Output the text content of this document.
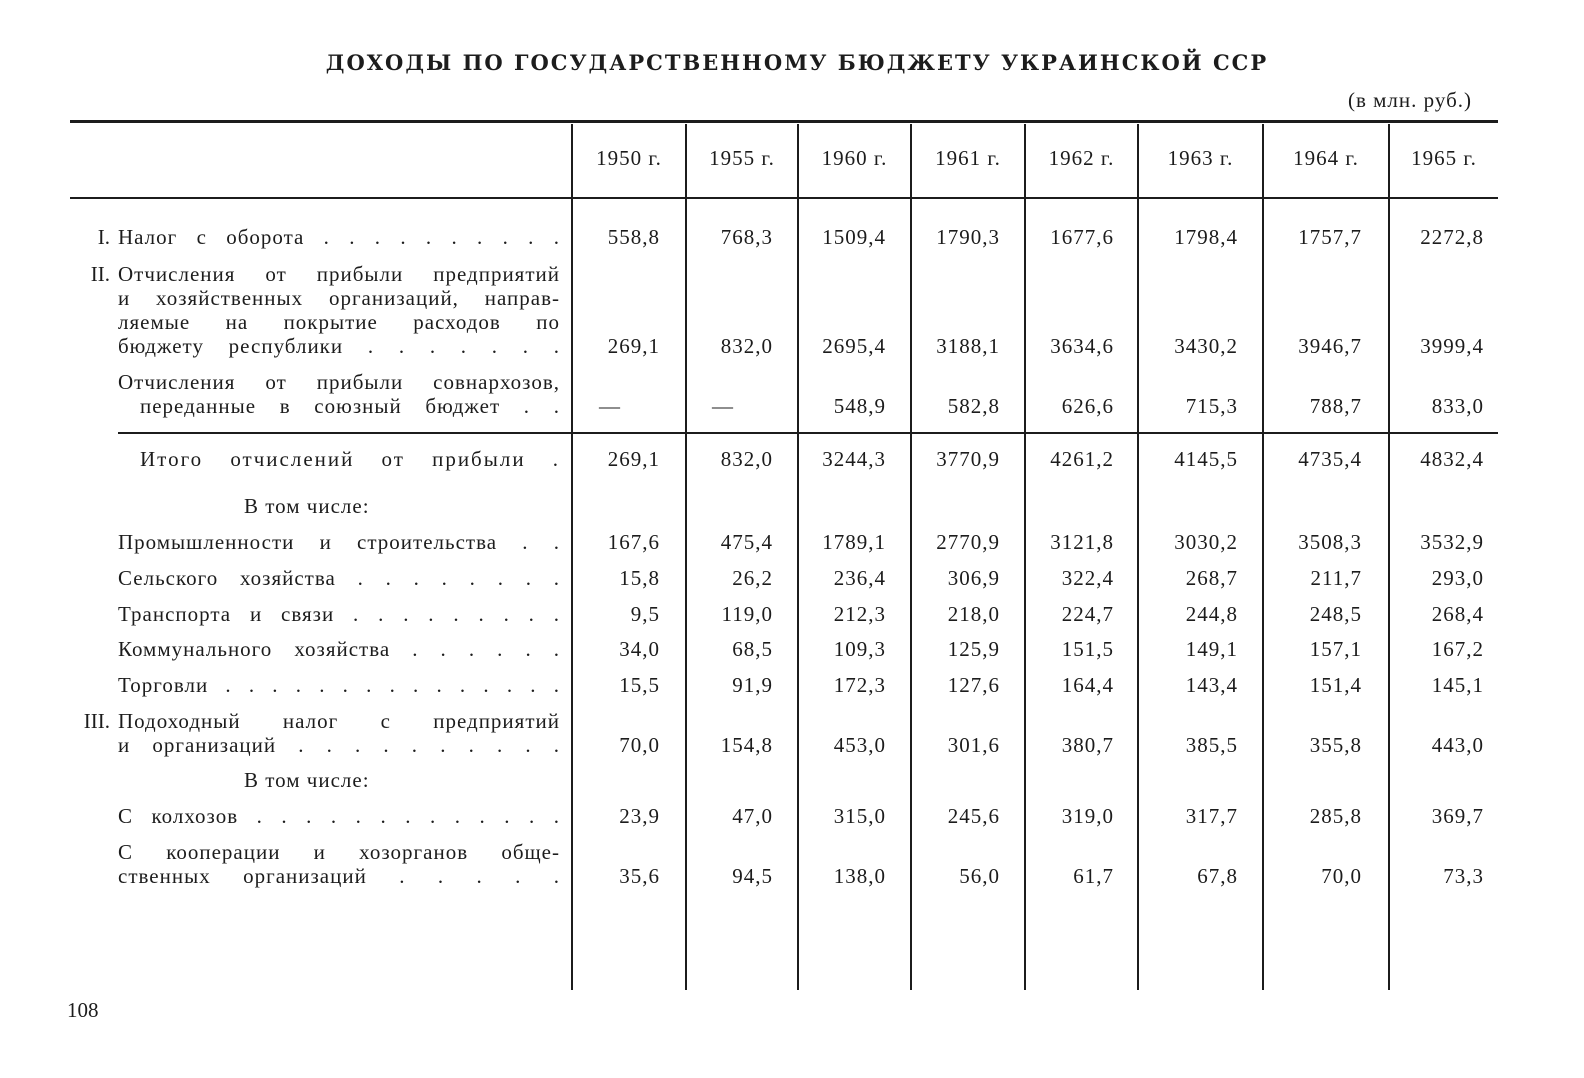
ДОХОДЫ ПО ГОСУДАРСТВЕННОМУ БЮДЖЕТУ УКРАИНСКОЙ ССР
(в млн. руб.)
1950 г.	1955 г.	1960 г.	1961 г.	1962 г.	1963 г.	1964 г.	1965 г.
I. Налог с оборота . . . . . . . . . .	558,8	768,3	1509,4	1790,3	1677,6	1798,4	1757,7	2272,8
II. Отчисления от прибыли предприятий
и хозяйственных организаций, направ-
ляемые на покрытие расходов по
бюджету республики . . . . . . .	269,1	832,0	2695,4	3188,1	3634,6	3430,2	3946,7	3999,4
Отчисления от прибыли совнархозов,
переданные в союзный бюджет . .	—	—	548,9	582,8	626,6	715,3	788,7	833,0
Итого отчислений от прибыли .	269,1	832,0	3244,3	3770,9	4261,2	4145,5	4735,4	4832,4
В том числе:
Промышленности и строительства . .	167,6	475,4	1789,1	2770,9	3121,8	3030,2	3508,3	3532,9
Сельского хозяйства . . . . . . . .	15,8	26,2	236,4	306,9	322,4	268,7	211,7	293,0
Транспорта и связи . . . . . . . . .	9,5	119,0	212,3	218,0	224,7	244,8	248,5	268,4
Коммунального хозяйства . . . . . .	34,0	68,5	109,3	125,9	151,5	149,1	157,1	167,2
Торговли . . . . . . . . . . . . . . .	15,5	91,9	172,3	127,6	164,4	143,4	151,4	145,1
III. Подоходный налог с предприятий
и организаций . . . . . . . . . .	70,0	154,8	453,0	301,6	380,7	385,5	355,8	443,0
В том числе:
С колхозов . . . . . . . . . . . . .	23,9	47,0	315,0	245,6	319,0	317,7	285,8	369,7
С кооперации и хозорганов обще-
ственных организаций . . . . .	35,6	94,5	138,0	56,0	61,7	67,8	70,0	73,3
108
